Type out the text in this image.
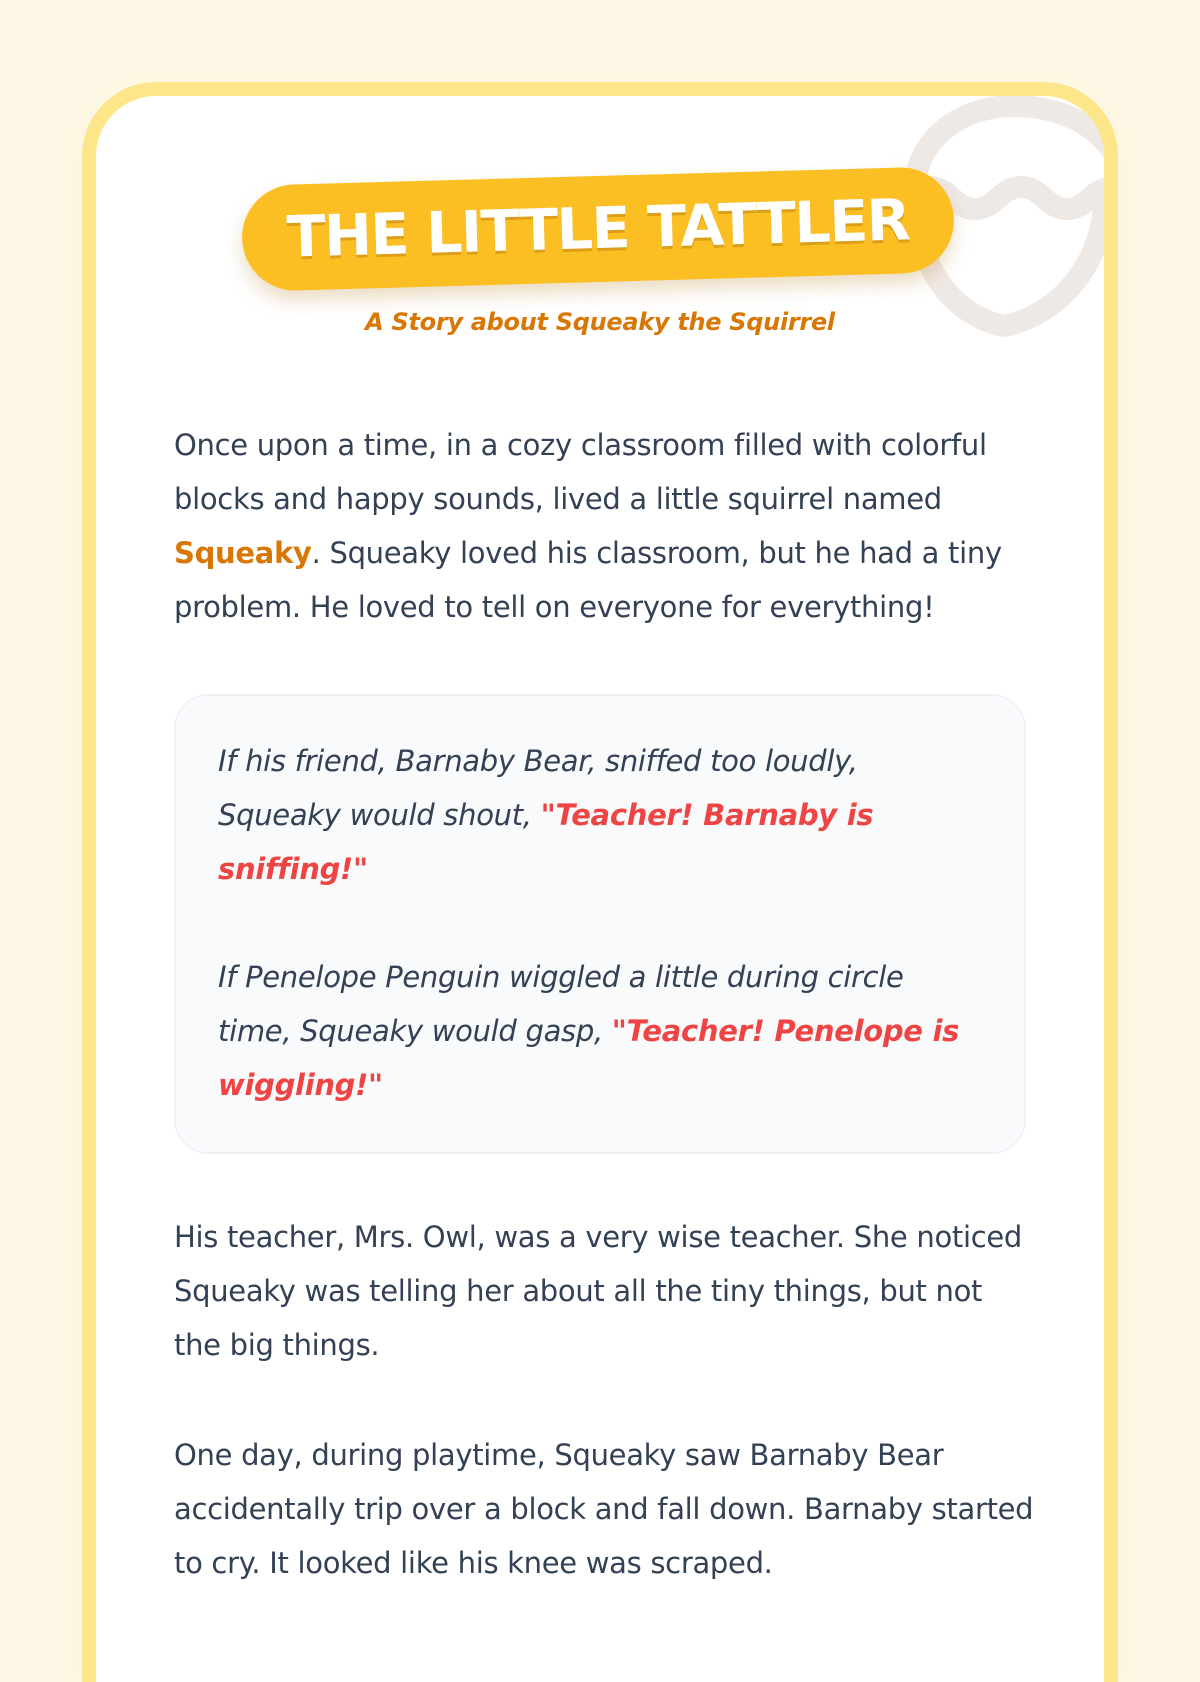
THE LITTLE TATTLER
A Story about Squeaky the Squirrel

Once upon a time, in a cozy classroom filled with colorful blocks and happy sounds, lived a little squirrel named Squeaky. Squeaky loved his classroom, but he had a tiny problem. He loved to tell on everyone for everything!

If his friend, Barnaby Bear, sniffed too loudly, Squeaky would shout, "Teacher! Barnaby is sniffing!"

If Penelope Penguin wiggled a little during circle time, Squeaky would gasp, "Teacher! Penelope is wiggling!"

His teacher, Mrs. Owl, was a very wise teacher. She noticed Squeaky was telling her about all the tiny things, but not the big things.

One day, during playtime, Squeaky saw Barnaby Bear accidentally trip over a block and fall down. Barnaby started to cry. It looked like his knee was scraped.
